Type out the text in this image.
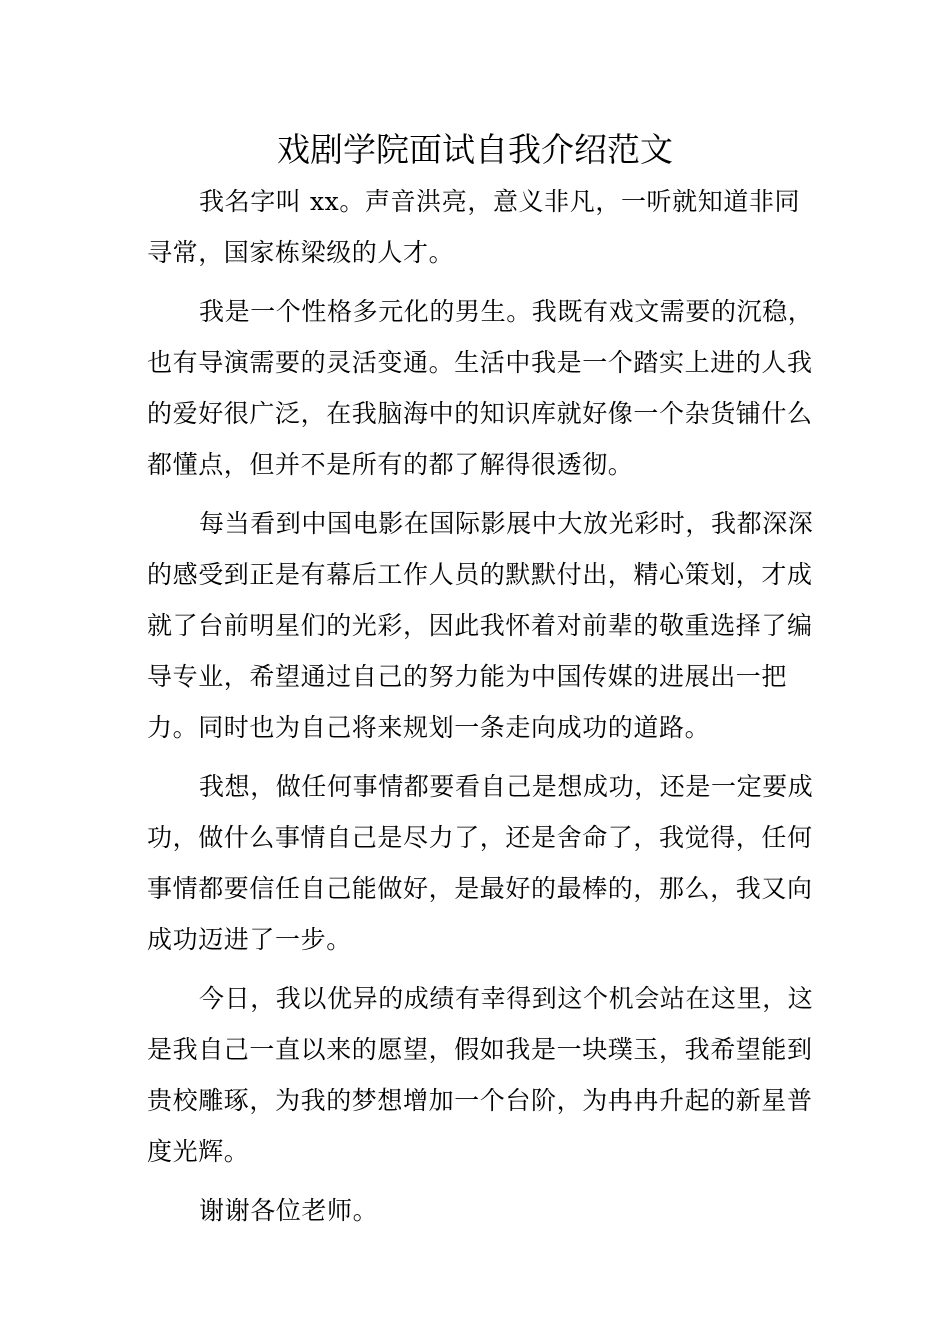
戏剧学院面试自我介绍范文

我名字叫 xx。声音洪亮，意义非凡，一听就知道非同寻常，国家栋梁级的人才。

我是一个性格多元化的男生。我既有戏文需要的沉稳，也有导演需要的灵活变通。生活中我是一个踏实上进的人我的爱好很广泛，在我脑海中的知识库就好像一个杂货铺什么都懂点，但并不是所有的都了解得很透彻。

每当看到中国电影在国际影展中大放光彩时，我都深深的感受到正是有幕后工作人员的默默付出，精心策划，才成就了台前明星们的光彩，因此我怀着对前辈的敬重选择了编导专业，希望通过自己的努力能为中国传媒的进展出一把力。同时也为自己将来规划一条走向成功的道路。

我想，做任何事情都要看自己是想成功，还是一定要成功，做什么事情自己是尽力了，还是舍命了，我觉得，任何事情都要信任自己能做好，是最好的最棒的，那么，我又向成功迈进了一步。

今日，我以优异的成绩有幸得到这个机会站在这里，这是我自己一直以来的愿望，假如我是一块璞玉，我希望能到贵校雕琢，为我的梦想增加一个台阶，为冉冉升起的新星普度光辉。

谢谢各位老师。
